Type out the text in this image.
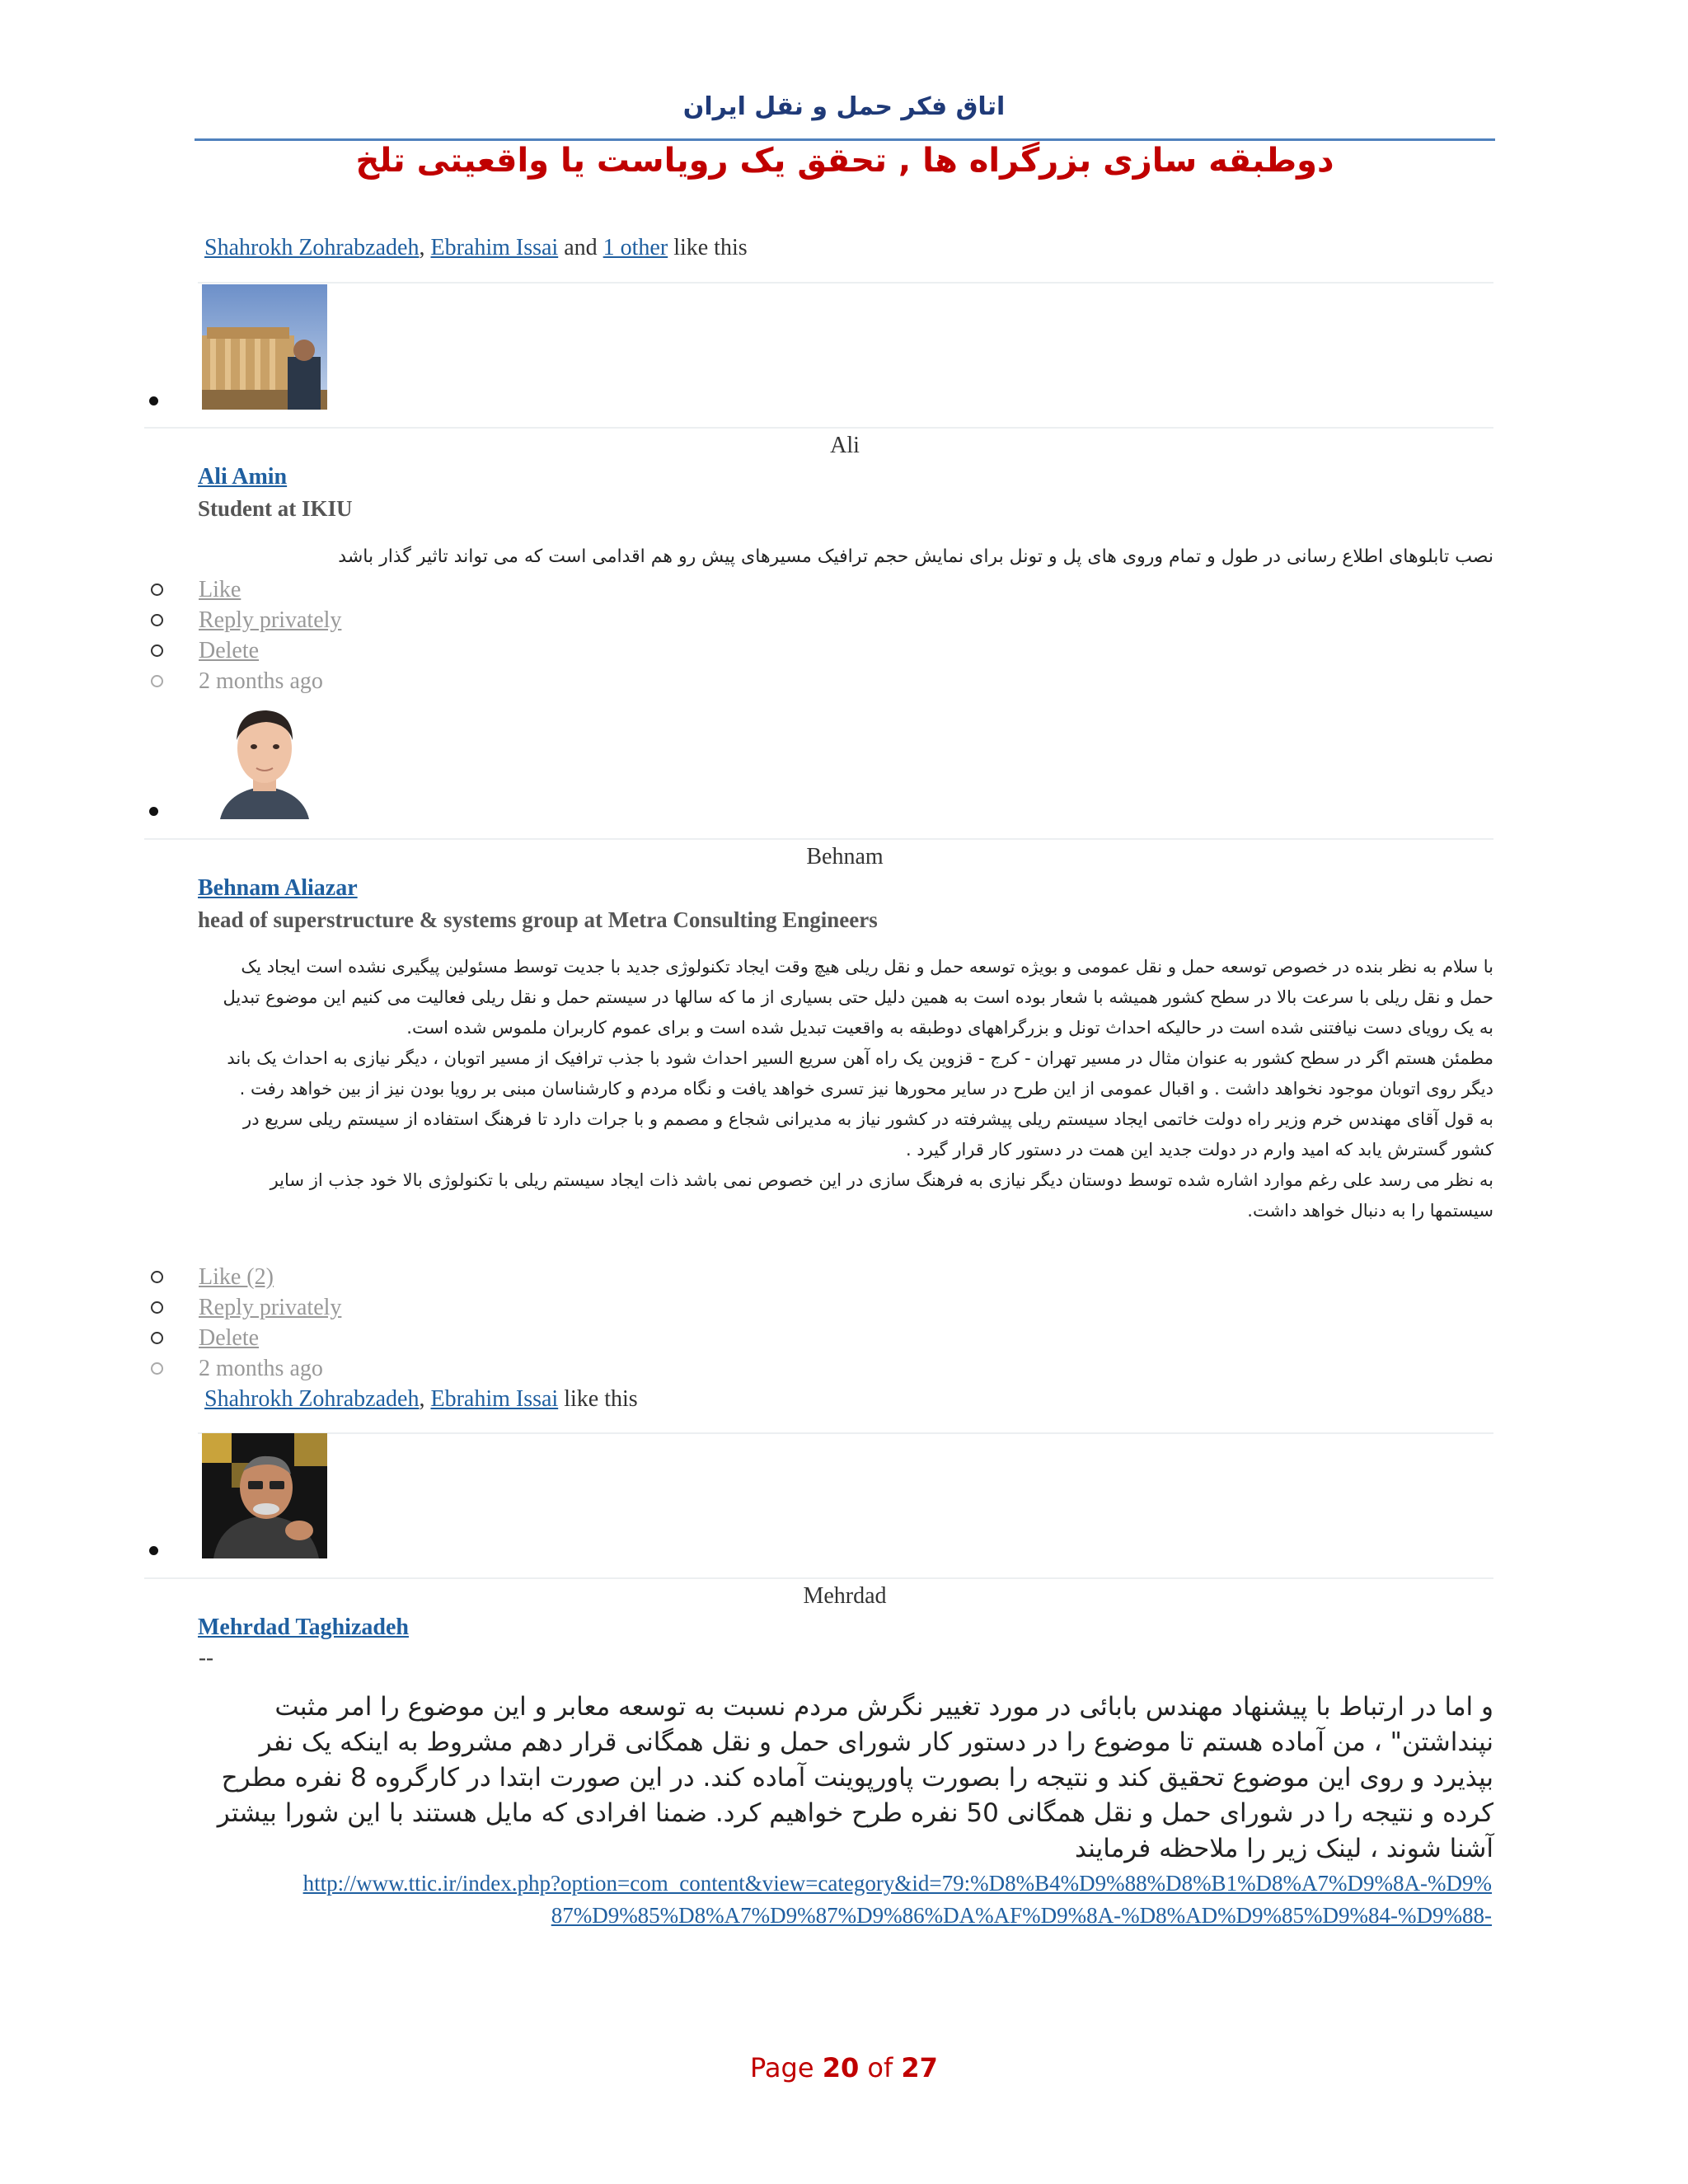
اتاق فکر حمل و نقل ایران
دوطبقه سازی بزرگراه ها , تحقق یک رویاست یا واقعیتی تلخ
Shahrokh Zohrabzadeh, Ebrahim Issai and 1 other like this
Ali
Ali Amin
Student at IKIU

نصب تابلوهای اطلاع رسانی در طول و تمام وروی های پل و تونل برای نمایش حجم ترافیک مسیرهای پیش رو هم اقدامی است که می تواند تاثیر گذار باشد

Like
Reply privately
Delete
2 months ago
Behnam
Behnam Aliazar
head of superstructure & systems group at Metra Consulting Engineers

با سلام به نظر بنده در خصوص توسعه حمل و نقل عمومی و بویژه توسعه حمل و نقل ریلی هیچ وقت ایجاد تکنولوژی جدید با جدیت توسط مسئولین پیگیری نشده است ایجاد یک حمل و نقل ریلی با سرعت بالا در سطح کشور همیشه با شعار بوده است به همین دلیل حتی بسیاری از ما که سالها در سیستم حمل و نقل ریلی فعالیت می کنیم این موضوع تبدیل به یک رویای دست نیافتنی شده است در حالیکه احداث تونل و بزرگراههای دوطبقه به واقعیت تبدیل شده است و برای عموم کاربران ملموس شده است.

مطمئن هستم اگر در سطح کشور به عنوان مثال در مسیر تهران - کرج - قزوین یک راه آهن سریع السیر احداث شود با جذب ترافیک از مسیر اتوبان ، دیگر نیازی به احداث یک باند دیگر روی اتوبان موجود نخواهد داشت . و اقبال عمومی از این طرح در سایر محورها نیز تسری خواهد یافت و نگاه مردم و کارشناسان مبنی بر رویا بودن نیز از بین خواهد رفت .

به قول آقای مهندس خرم وزیر راه دولت خاتمی ایجاد سیستم ریلی پیشرفته در کشور نیاز به مدیرانی شجاع و مصمم و با جرات دارد تا فرهنگ استفاده از سیستم ریلی سریع در کشور گسترش یابد که امید وارم در دولت جدید این همت در دستور کار قرار گیرد .

به نظر می رسد علی رغم موارد اشاره شده توسط دوستان دیگر نیازی به فرهنگ سازی در این خصوص نمی باشد ذات ایجاد سیستم ریلی با تکنولوژی بالا خود جذب از سایر سیستمها را به دنبال خواهد داشت.

Like (2)
Reply privately
Delete
2 months ago
Shahrokh Zohrabzadeh, Ebrahim Issai like this
Mehrdad
Mehrdad Taghizadeh
--

و اما در ارتباط با پیشنهاد مهندس بابائی در مورد تغییر نگرش مردم نسبت به توسعه معابر و این موضوع را امر مثبت نپنداشتن" ، من آماده هستم تا موضوع را در دستور کار شورای حمل و نقل همگانی قرار دهم مشروط به اینکه یک نفر بپذیرد و روی این موضوع تحقیق کند و نتیجه را بصورت پاورپوینت آماده کند. در این صورت ابتدا در کارگروه 8 نفره مطرح کرده و نتیجه را در شورای حمل و نقل همگانی 50 نفره طرح خواهیم کرد. ضمنا افرادی که مایل هستند با این شورا بیشتر آشنا شوند ، لینک زیر را ملاحظه فرمایند

http://www.ttic.ir/index.php?option=com_content&view=category&id=79:%D8%B4%D9%88%D8%B1%D8%A7%D9%8A-%D9%87%D9%85%D8%A7%D9%87%D9%86%DA%AF%D9%8A-%D8%AD%D9%85%D9%84-%D9%88-
Page 20 of 27
